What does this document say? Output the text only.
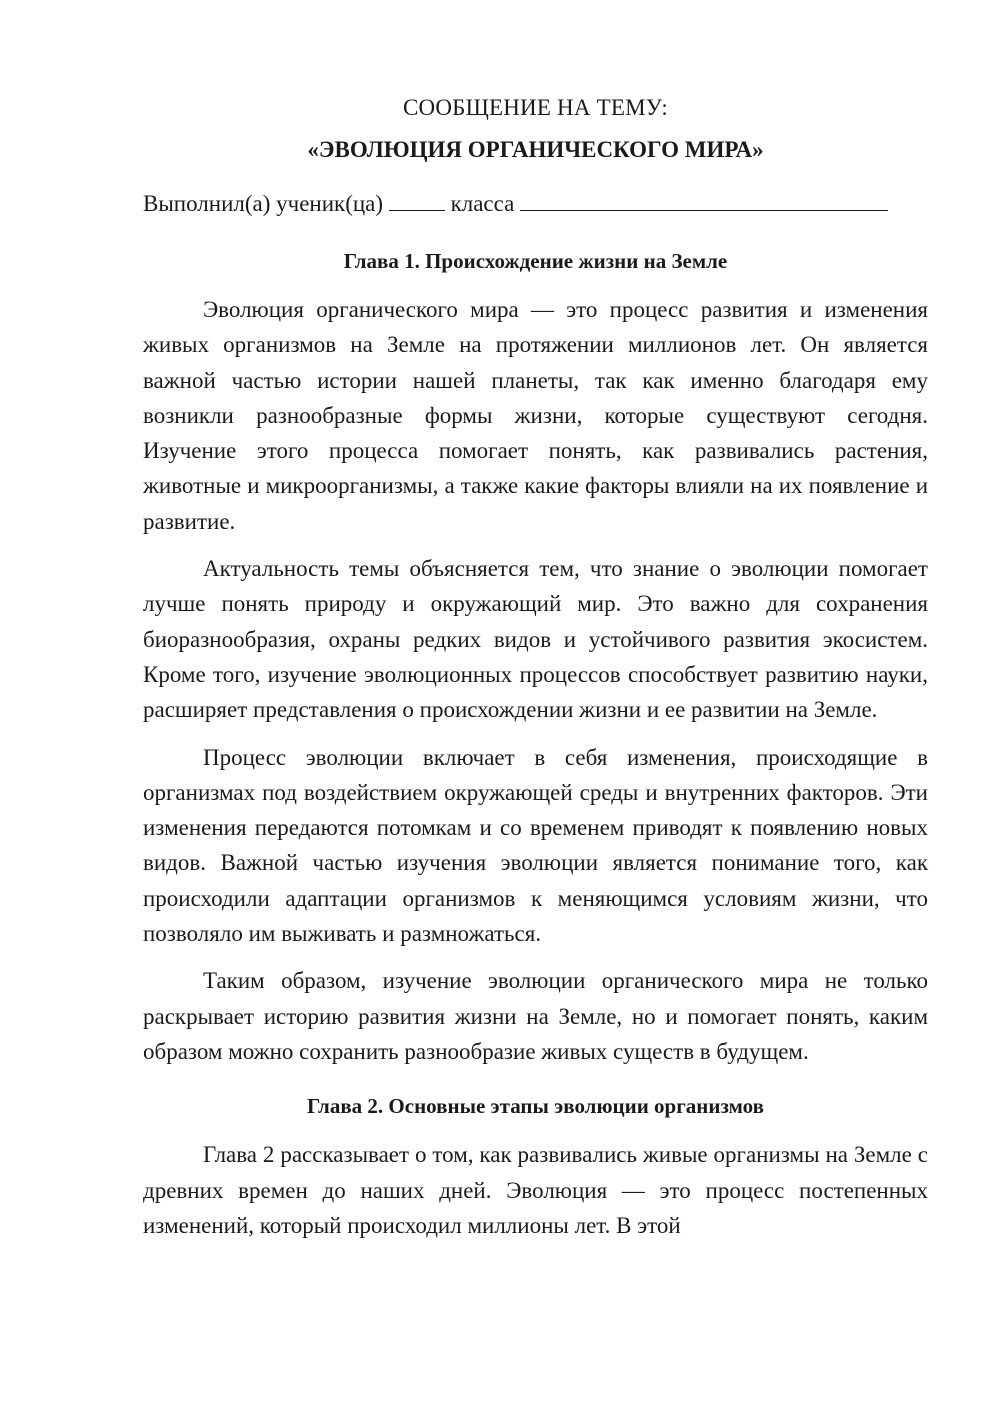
СООБЩЕНИЕ НА ТЕМУ:

«ЭВОЛЮЦИЯ ОРГАНИЧЕСКОГО МИРА»

Выполнил(а) ученик(ца)	класса

Глава 1. Происхождение жизни на Земле

Эволюция органического мира — это процесс развития и изменения живых организмов на Земле на протяжении миллионов лет. Он является важной частью истории нашей планеты, так как именно благодаря ему возникли разнообразные формы жизни, которые существуют сегодня. Изучение этого процесса помогает понять, как развивались растения, животные и микроорганизмы, а также какие факторы влияли на их появление и развитие.

Актуальность темы объясняется тем, что знание о эволюции помогает лучше понять природу и окружающий мир. Это важно для сохранения биоразнообразия, охраны редких видов и устойчивого развития экосистем. Кроме того, изучение эволюционных процессов способствует развитию науки, расширяет представления о происхождении жизни и ее развитии на Земле.

Процесс эволюции включает в себя изменения, происходящие в организмах под воздействием окружающей среды и внутренних факторов. Эти изменения передаются потомкам и со временем приводят к появлению новых видов. Важной частью изучения эволюции является понимание того, как происходили адаптации организмов к меняющимся условиям жизни, что позволяло им выживать и размножаться.

Таким образом, изучение эволюции органического мира не только раскрывает историю развития жизни на Земле, но и помогает понять, каким образом можно сохранить разнообразие живых существ в будущем.

Глава 2. Основные этапы эволюции организмов

Глава 2 рассказывает о том, как развивались живые организмы на Земле с древних времен до наших дней. Эволюция — это процесс постепенных изменений, который происходил миллионы лет. В этой
